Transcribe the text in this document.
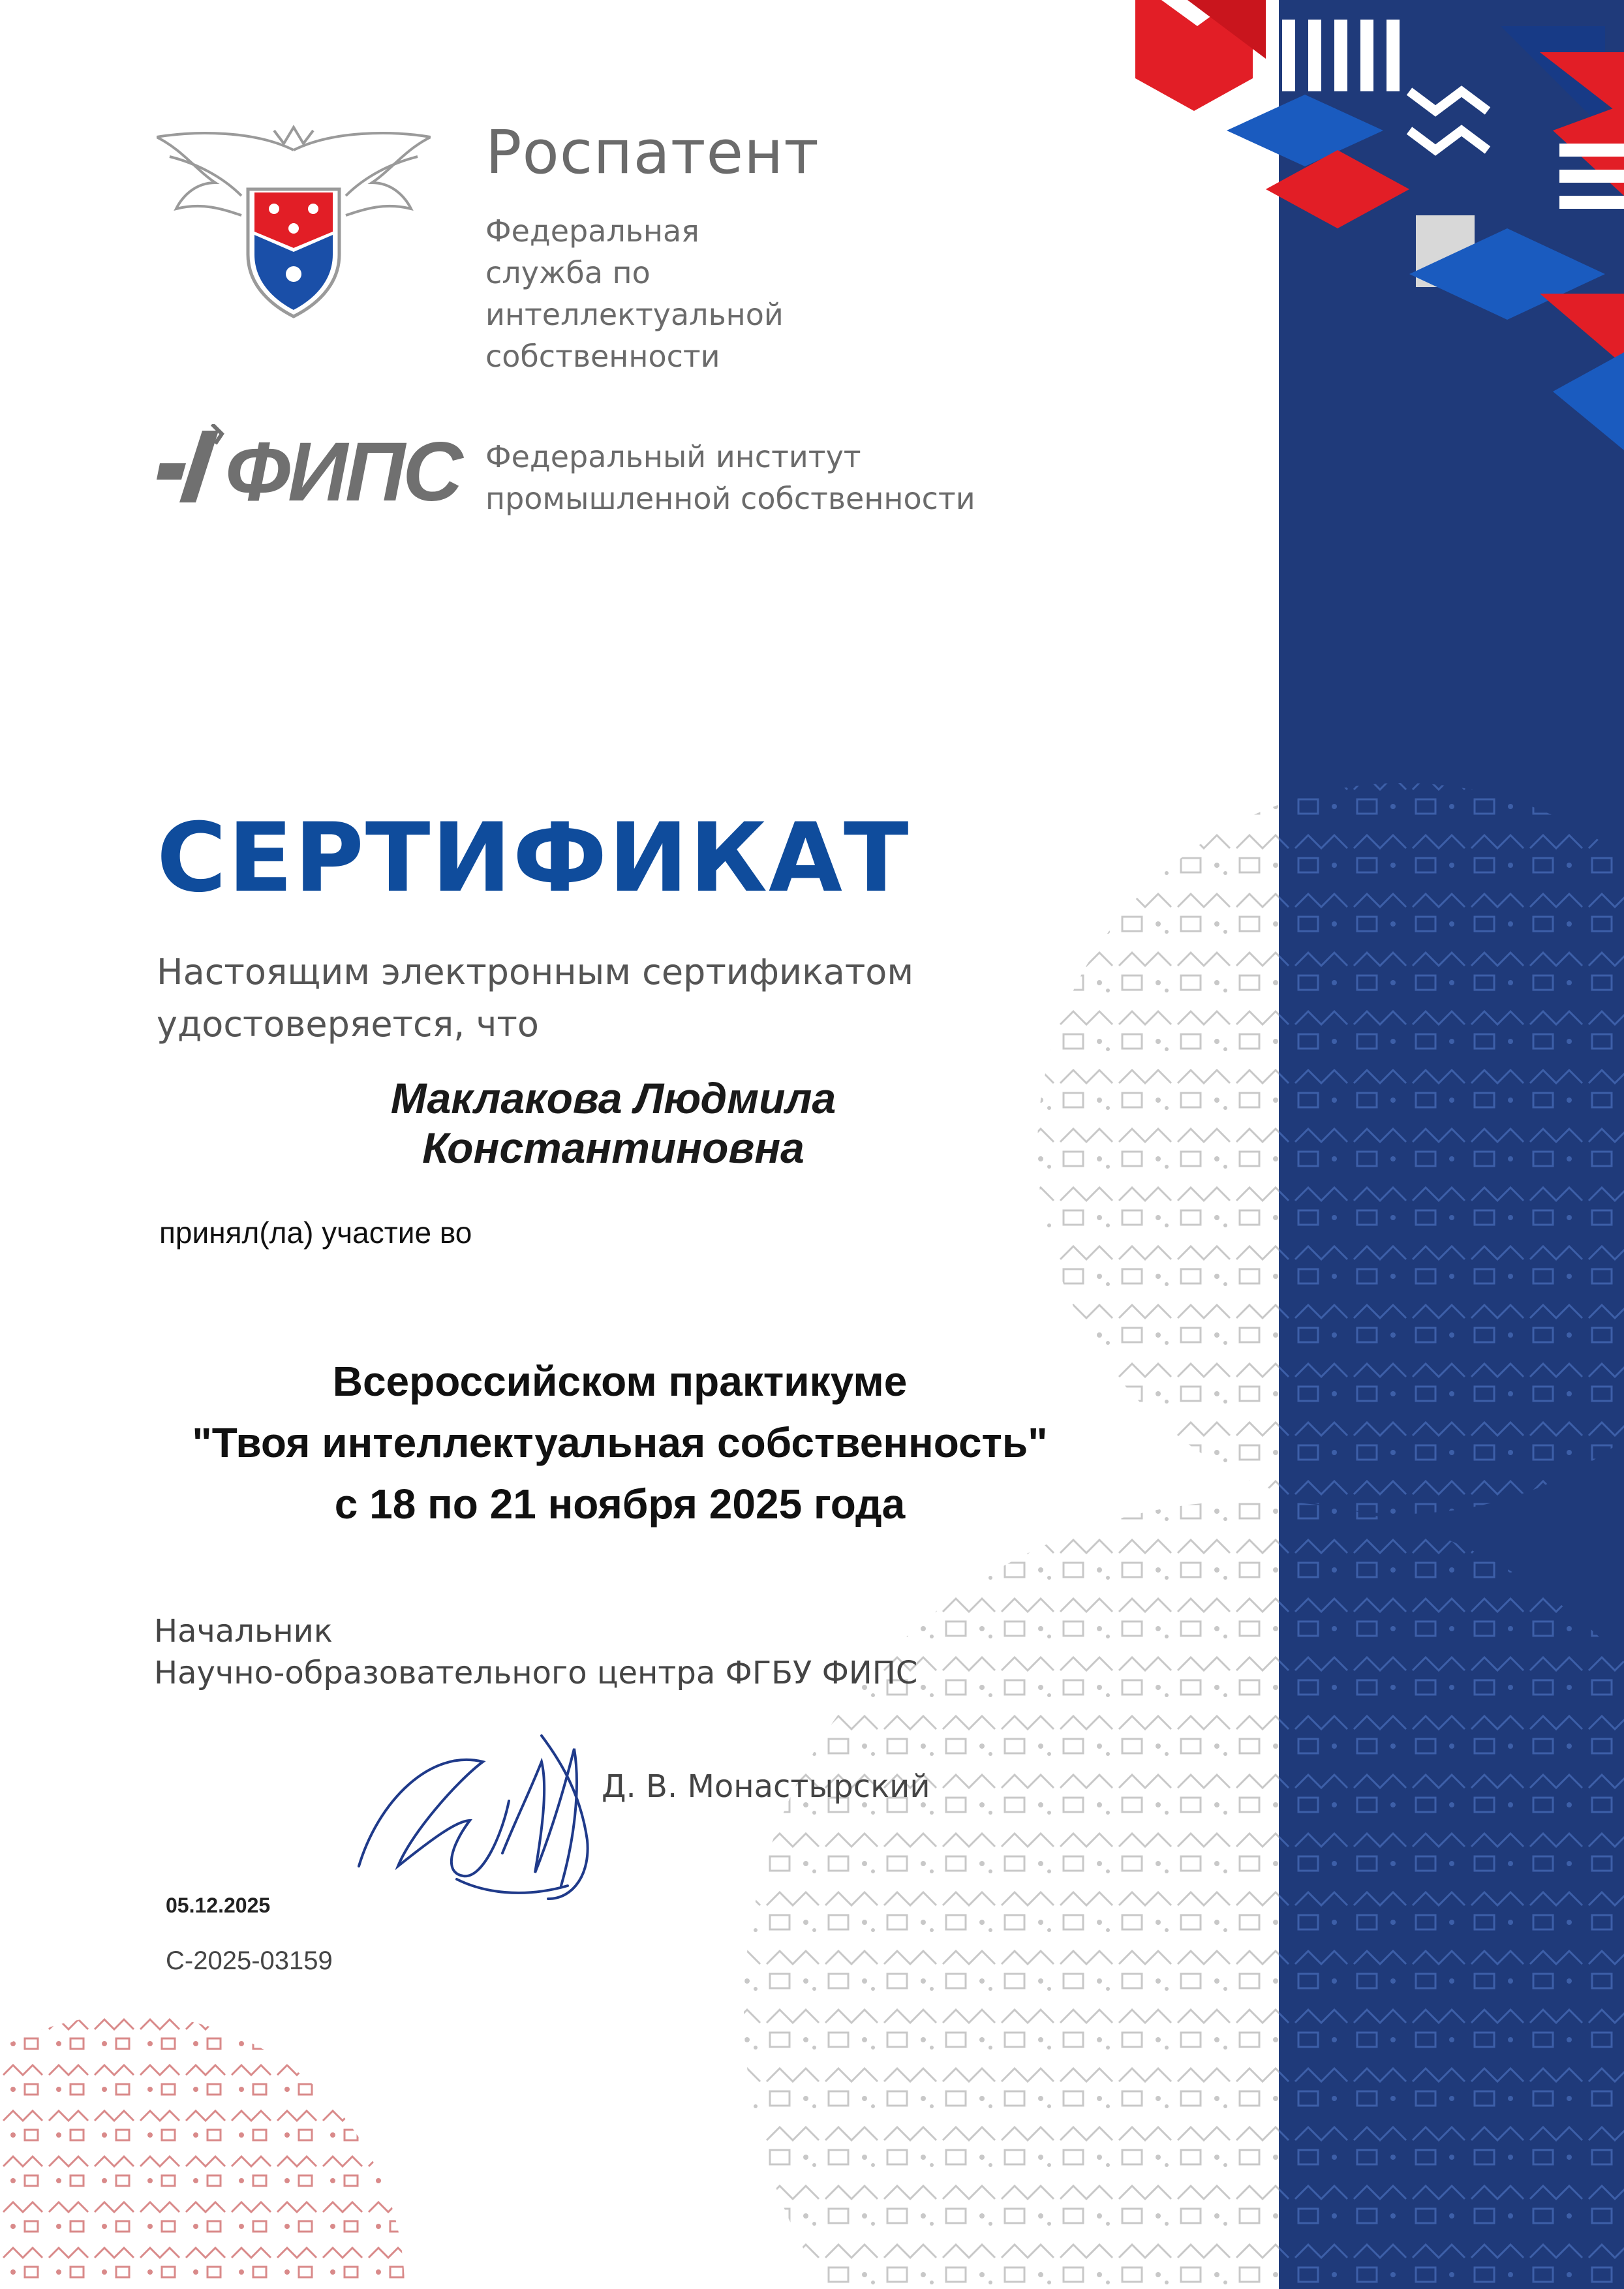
Роспатент
Федеральная служба по интеллектуальной собственности
ФИПС Федеральный институт промышленной собственности
СЕРТИФИКАТ
Настоящим электронным сертификатом удостоверяется, что
Маклакова Людмила
Константиновна
принял(ла) участие во
Всероссийском практикуме
"Твоя интеллектуальная собственность"
с 18 по 21 ноября 2025 года
Начальник
Научно-образовательного центра ФГБУ ФИПС
Д. В. Монастырский
05.12.2025
С-2025-03159
